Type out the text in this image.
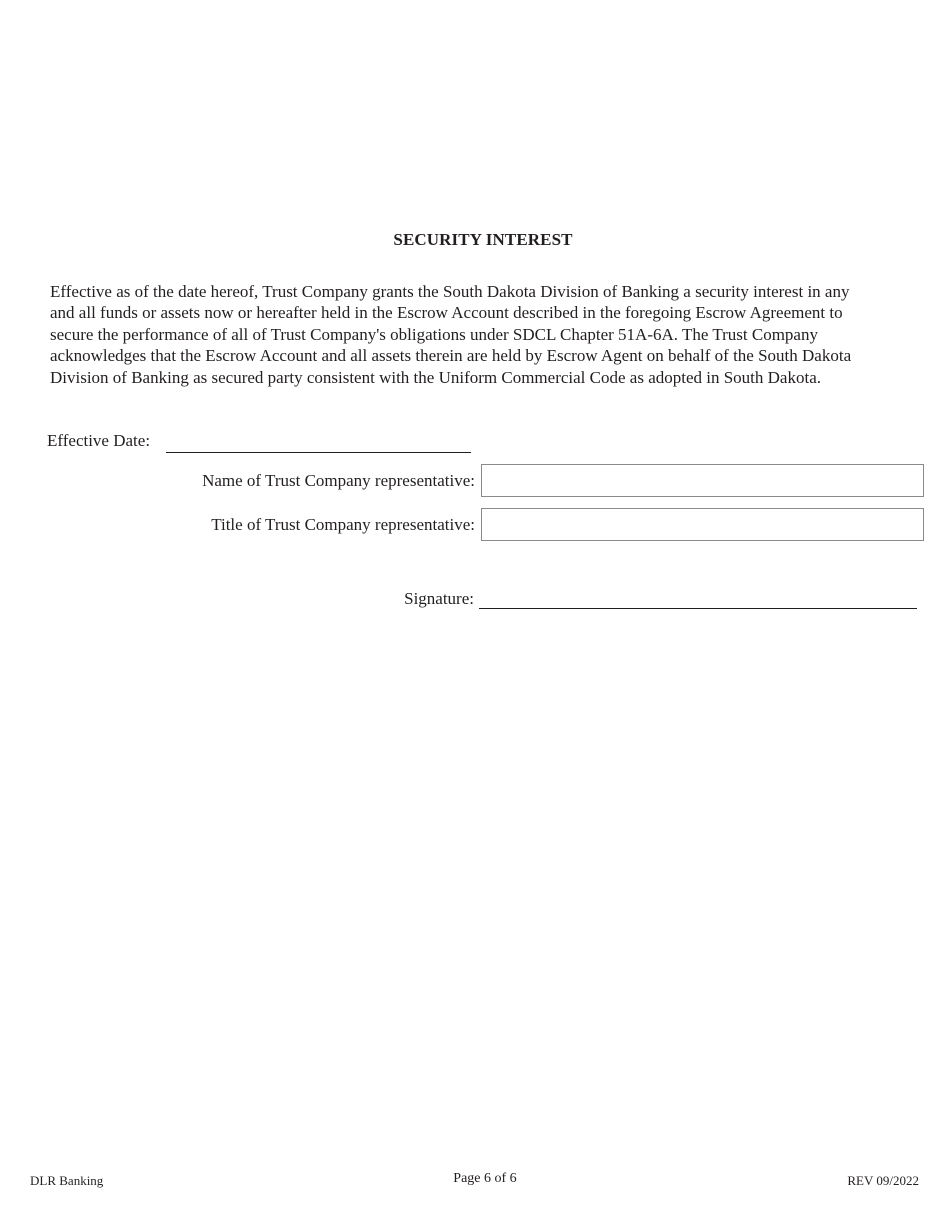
SECURITY INTEREST
Effective as of the date hereof, Trust Company grants the South Dakota Division of Banking a security interest in any
and all funds or assets now or hereafter held in the Escrow Account described in the foregoing Escrow Agreement to
secure the performance of all of Trust Company's obligations under SDCL Chapter 51A-6A. The Trust Company
acknowledges that the Escrow Account and all assets therein are held by Escrow Agent on behalf of the South Dakota
Division of Banking as secured party consistent with the Uniform Commercial Code as adopted in South Dakota.
Effective Date:
Name of Trust Company representative:
Title of Trust Company representative:
Signature:
DLR Banking	Page 6 of 6	REV 09/2022
